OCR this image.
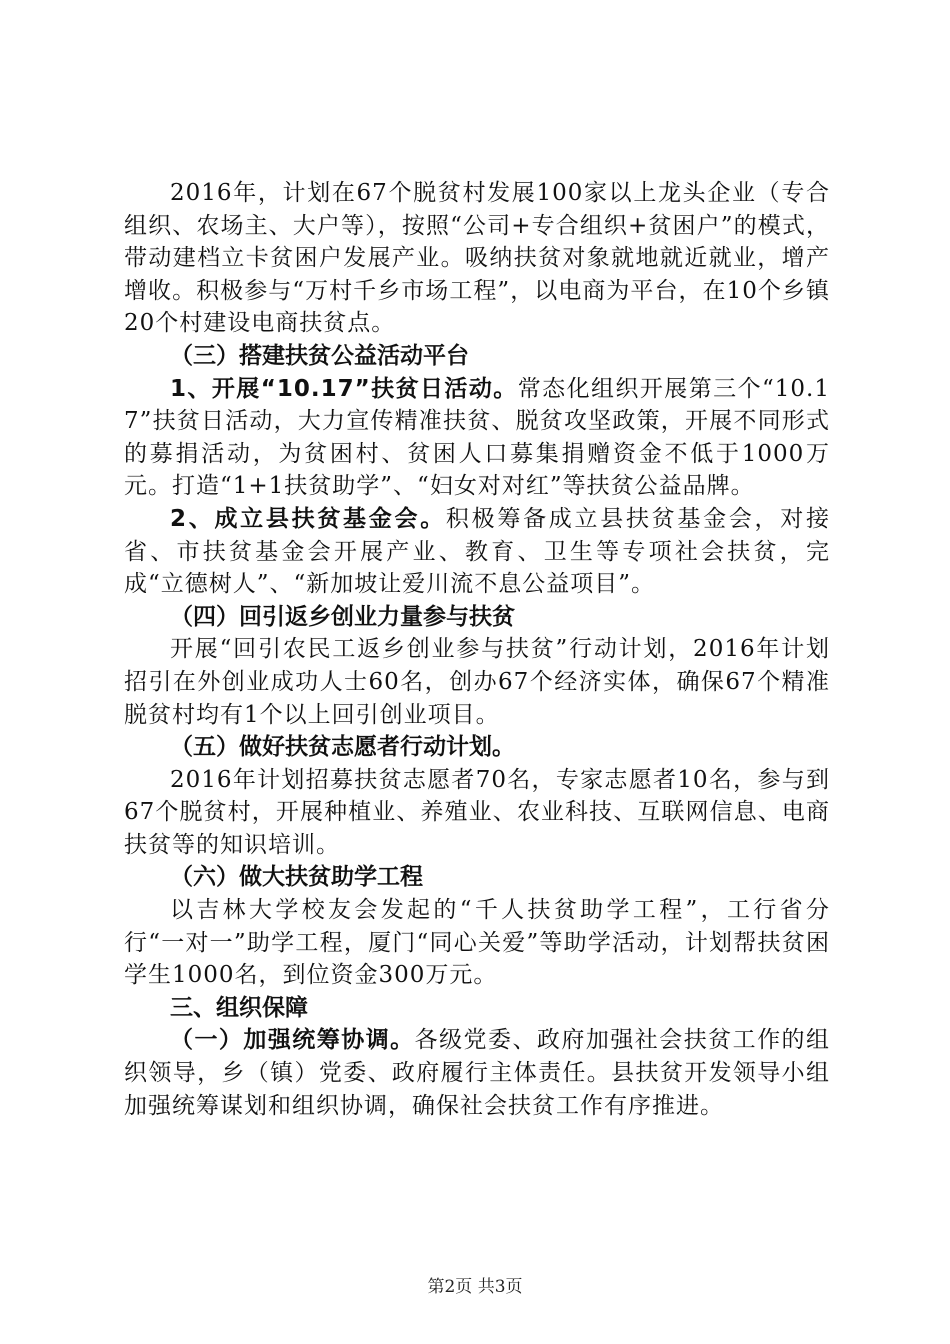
2016年，计划在67个脱贫村发展100家以上龙头企业（专合组织、农场主、大户等），按照“公司+专合组织+贫困户”的模式，带动建档立卡贫困户发展产业。吸纳扶贫对象就地就近就业，增产增收。积极参与“万村千乡市场工程”，以电商为平台，在10个乡镇20个村建设电商扶贫点。

（三）搭建扶贫公益活动平台

1、开展“10.17”扶贫日活动。常态化组织开展第三个“10.17”扶贫日活动，大力宣传精准扶贫、脱贫攻坚政策，开展不同形式的募捐活动，为贫困村、贫困人口募集捐赠资金不低于1000万元。打造“1+1扶贫助学”、“妇女对对红”等扶贫公益品牌。

2、成立县扶贫基金会。积极筹备成立县扶贫基金会，对接省、市扶贫基金会开展产业、教育、卫生等专项社会扶贫，完成“立德树人”、“新加坡让爱川流不息公益项目”。

（四）回引返乡创业力量参与扶贫

开展“回引农民工返乡创业参与扶贫”行动计划，2016年计划招引在外创业成功人士60名，创办67个经济实体，确保67个精准脱贫村均有1个以上回引创业项目。

（五）做好扶贫志愿者行动计划。

2016年计划招募扶贫志愿者70名，专家志愿者10名，参与到67个脱贫村，开展种植业、养殖业、农业科技、互联网信息、电商扶贫等的知识培训。

（六）做大扶贫助学工程

以吉林大学校友会发起的“千人扶贫助学工程”，工行省分行“一对一”助学工程，厦门“同心关爱”等助学活动，计划帮扶贫困学生1000名，到位资金300万元。

三、组织保障

（一）加强统筹协调。各级党委、政府加强社会扶贫工作的组织领导，乡（镇）党委、政府履行主体责任。县扶贫开发领导小组加强统筹谋划和组织协调，确保社会扶贫工作有序推进。

第2页 共3页
